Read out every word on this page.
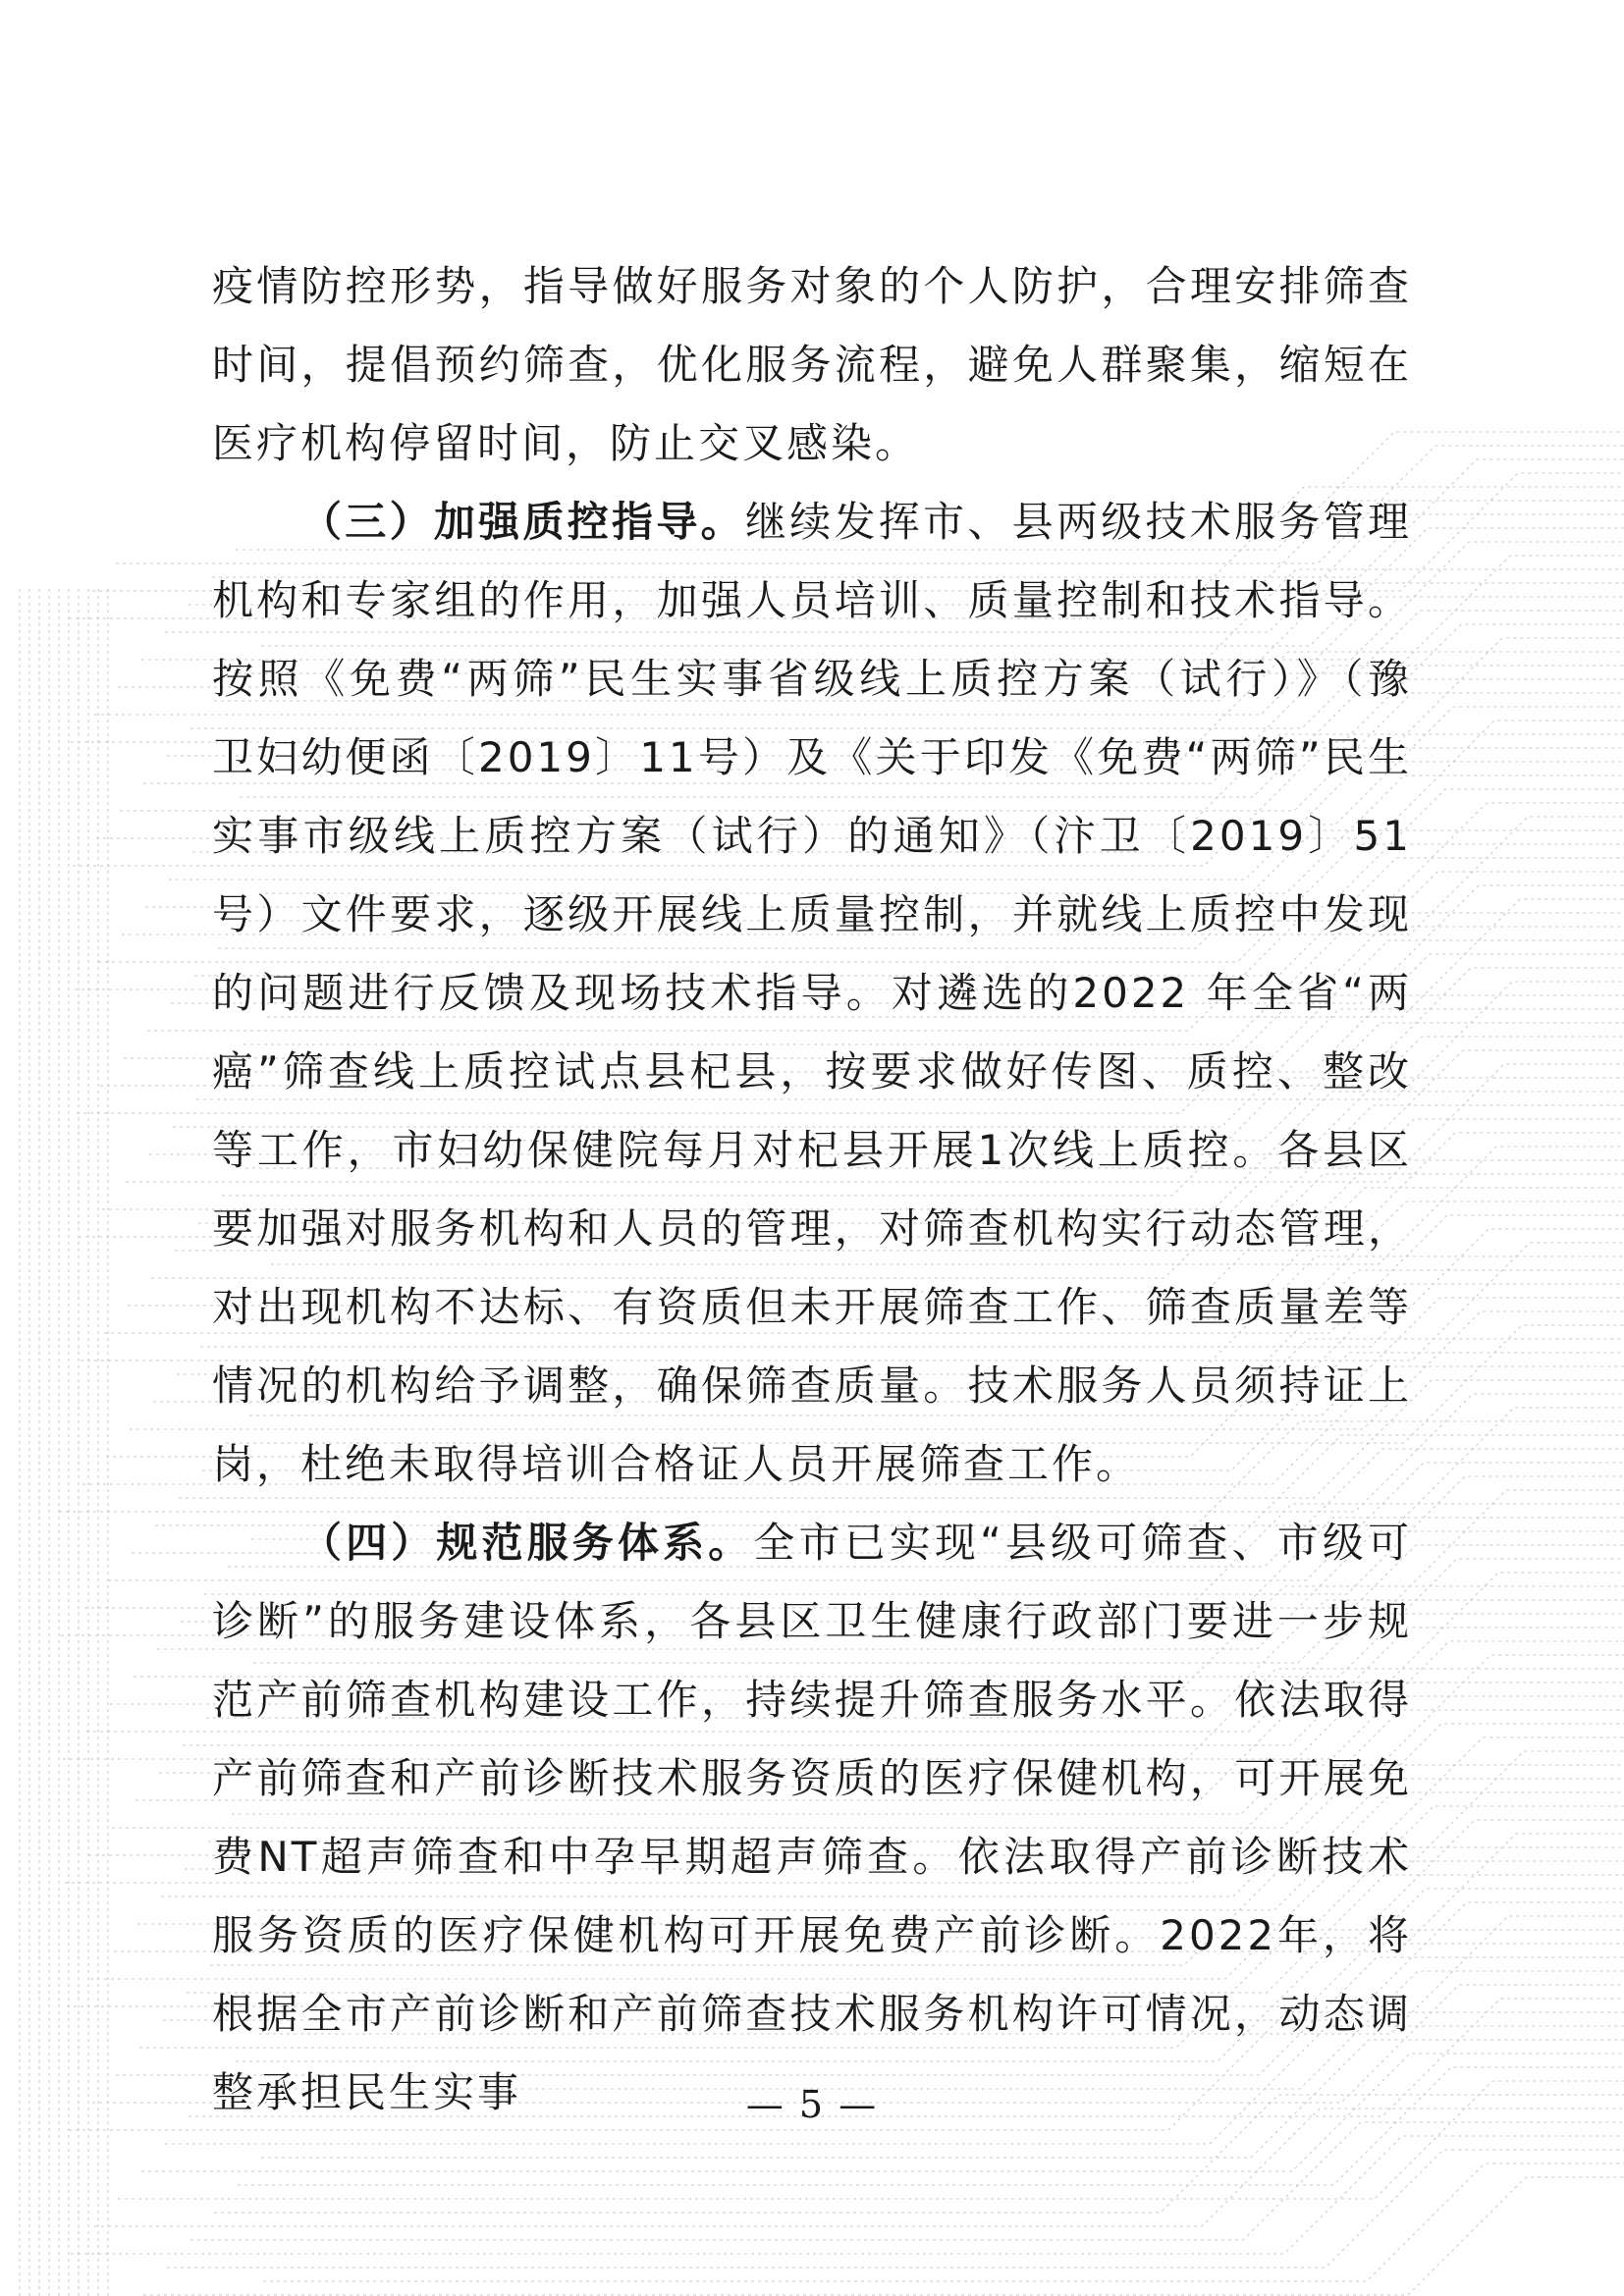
疫情防控形势，指导做好服务对象的个人防护，合理安排筛查时间，提倡预约筛查，优化服务流程，避免人群聚集，缩短在医疗机构停留时间，防止交叉感染。

（三）加强质控指导。继续发挥市、县两级技术服务管理机构和专家组的作用，加强人员培训、质量控制和技术指导。按照《免费“两筛”民生实事省级线上质控方案（试行）》（豫卫妇幼便函〔2019〕11号）及《关于印发《免费“两筛”民生实事市级线上质控方案（试行）的通知》（汴卫〔2019〕51号）文件要求，逐级开展线上质量控制，并就线上质控中发现的问题进行反馈及现场技术指导。对遴选的2022 年全省“两癌”筛查线上质控试点县杞县，按要求做好传图、质控、整改等工作，市妇幼保健院每月对杞县开展1次线上质控。各县区要加强对服务机构和人员的管理，对筛查机构实行动态管理，对出现机构不达标、有资质但未开展筛查工作、筛查质量差等情况的机构给予调整，确保筛查质量。技术服务人员须持证上岗，杜绝未取得培训合格证人员开展筛查工作。

（四）规范服务体系。全市已实现“县级可筛查、市级可诊断”的服务建设体系，各县区卫生健康行政部门要进一步规范产前筛查机构建设工作，持续提升筛查服务水平。依法取得产前筛查和产前诊断技术服务资质的医疗保健机构，可开展免费NT超声筛查和中孕早期超声筛查。依法取得产前诊断技术服务资质的医疗保健机构可开展免费产前诊断。2022年，将根据全市产前诊断和产前筛查技术服务机构许可情况，动态调整承担民生实事	— 5 —
